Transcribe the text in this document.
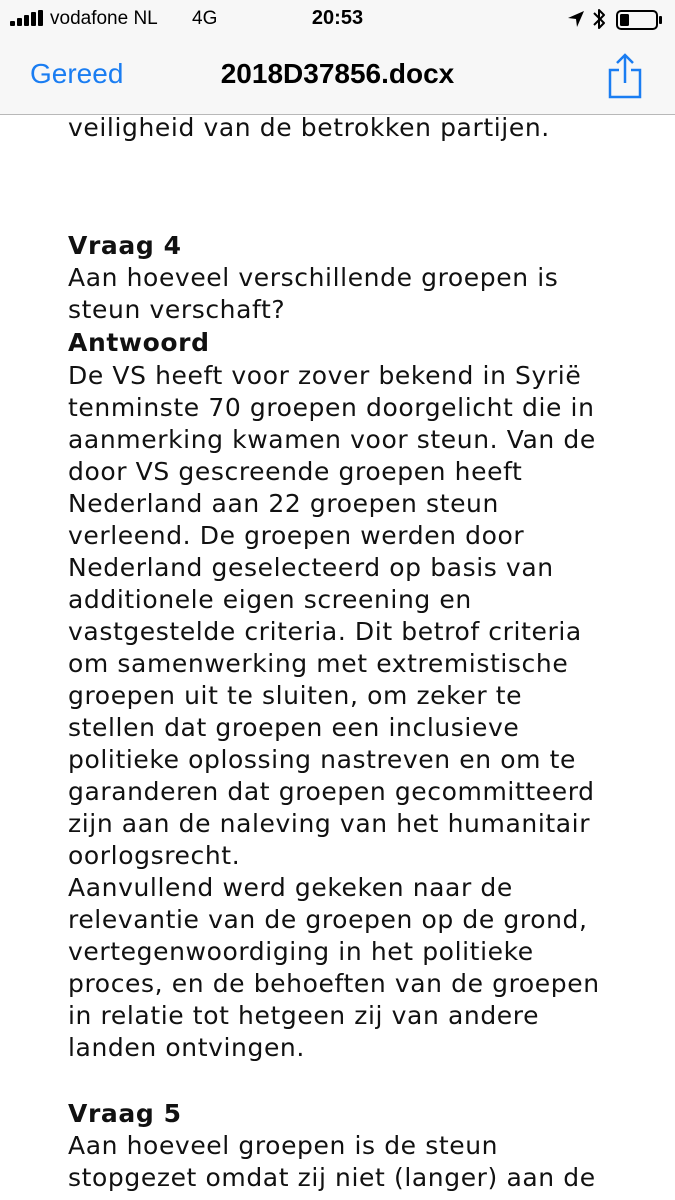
vodafone NL 4G	20:53
Gereed	2018D37856.docx
veiligheid van de betrokken partijen.
Vraag 4
Aan hoeveel verschillende groepen is
steun verschaft?
Antwoord
De VS heeft voor zover bekend in Syrië
tenminste 70 groepen doorgelicht die in
aanmerking kwamen voor steun. Van de
door VS gescreende groepen heeft
Nederland aan 22 groepen steun
verleend. De groepen werden door
Nederland geselecteerd op basis van
additionele eigen screening en
vastgestelde criteria. Dit betrof criteria
om samenwerking met extremistische
groepen uit te sluiten, om zeker te
stellen dat groepen een inclusieve
politieke oplossing nastreven en om te
garanderen dat groepen gecommitteerd
zijn aan de naleving van het humanitair
oorlogsrecht.
Aanvullend werd gekeken naar de
relevantie van de groepen op de grond,
vertegenwoordiging in het politieke
proces, en de behoeften van de groepen
in relatie tot hetgeen zij van andere
landen ontvingen.
Vraag 5
Aan hoeveel groepen is de steun
stopgezet omdat zij niet (langer) aan de
